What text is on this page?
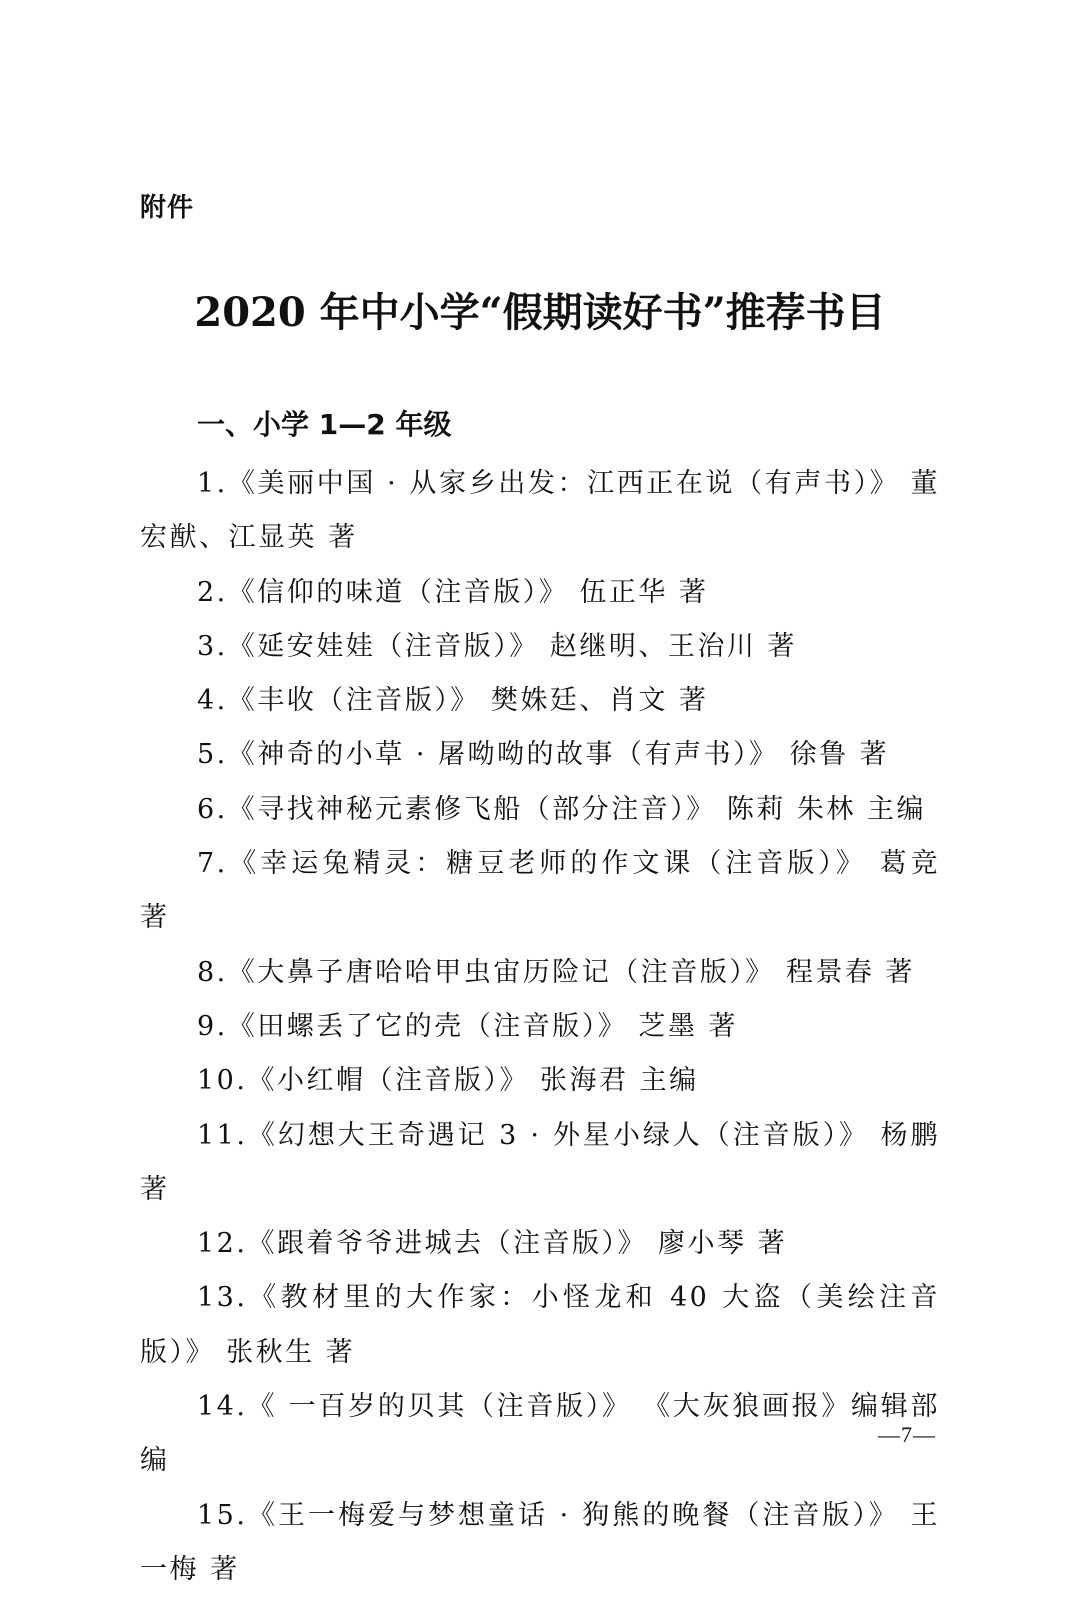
附件
2020 年中小学“假期读好书”推荐书目
一、小学 1—2 年级
1.《美丽中国 · 从家乡出发：江西正在说（有声书）》 董宏猷、江显英 著
2.《信仰的味道（注音版）》 伍正华 著
3.《延安娃娃（注音版）》 赵继明、王治川 著
4.《丰收（注音版）》 樊姝廷、肖文 著
5.《神奇的小草 · 屠呦呦的故事（有声书）》 徐鲁 著
6.《寻找神秘元素修飞船（部分注音）》 陈莉 朱林 主编
7.《幸运兔精灵：糖豆老师的作文课（注音版）》 葛竞 著
8.《大鼻子唐哈哈甲虫宙历险记（注音版）》 程景春 著
9.《田螺丢了它的壳（注音版）》 芝墨 著
10.《小红帽（注音版）》 张海君 主编
11.《幻想大王奇遇记 3 · 外星小绿人（注音版）》 杨鹏 著
12.《跟着爷爷进城去（注音版）》 廖小琴 著
13.《教材里的大作家：小怪龙和 40 大盗（美绘注音版）》 张秋生 著
14.《 一百岁的贝其（注音版）》 《大灰狼画报》编辑部 编
15.《王一梅爱与梦想童话 · 狗熊的晚餐（注音版）》 王一梅 著
—7—
